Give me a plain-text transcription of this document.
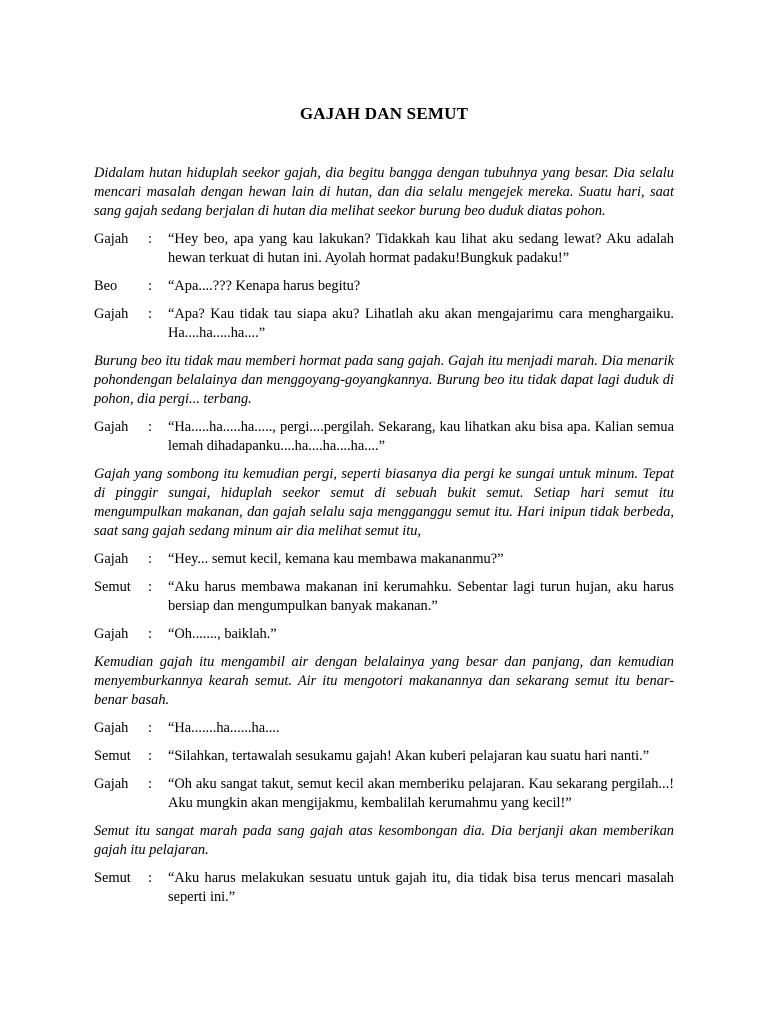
GAJAH DAN SEMUT

Didalam hutan hiduplah seekor gajah, dia begitu bangga dengan tubuhnya yang besar. Dia selalu mencari masalah dengan hewan lain di hutan, dan dia selalu mengejek mereka. Suatu hari, saat sang gajah sedang berjalan di hutan dia melihat seekor burung beo duduk diatas pohon.

Gajah	:	“Hey beo, apa yang kau lakukan? Tidakkah kau lihat aku sedang lewat? Aku adalah hewan terkuat di hutan ini. Ayolah hormat padaku!Bungkuk padaku!”
Beo	:	“Apa....??? Kenapa harus begitu?
Gajah	:	“Apa? Kau tidak tau siapa aku? Lihatlah aku akan mengajarimu cara menghargaiku. Ha....ha.....ha....”

Burung beo itu tidak mau memberi hormat pada sang gajah. Gajah itu menjadi marah. Dia menarik pohondengan belalainya dan menggoyang-goyangkannya. Burung beo itu tidak dapat lagi duduk di pohon, dia pergi... terbang.

Gajah	:	“Ha.....ha.....ha....., pergi....pergilah. Sekarang, kau lihatkan aku bisa apa. Kalian semua lemah dihadapanku....ha....ha....ha....”

Gajah yang sombong itu kemudian pergi, seperti biasanya dia pergi ke sungai untuk minum. Tepat di pinggir sungai, hiduplah seekor semut di sebuah bukit semut. Setiap hari semut itu mengumpulkan makanan, dan gajah selalu saja mengganggu semut itu. Hari inipun tidak berbeda, saat sang gajah sedang minum air dia melihat semut itu,

Gajah	:	“Hey... semut kecil, kemana kau membawa makananmu?”
Semut	:	“Aku harus membawa makanan ini kerumahku. Sebentar lagi turun hujan, aku harus bersiap dan mengumpulkan banyak makanan.”
Gajah	:	“Oh......., baiklah.”

Kemudian gajah itu mengambil air dengan belalainya yang besar dan panjang, dan kemudian menyemburkannya kearah semut. Air itu mengotori makanannya dan sekarang semut itu benar-benar basah.

Gajah	:	“Ha.......ha......ha....
Semut	:	“Silahkan, tertawalah sesukamu gajah! Akan kuberi pelajaran kau suatu hari nanti.”
Gajah	:	“Oh aku sangat takut, semut kecil akan memberiku pelajaran. Kau sekarang pergilah...! Aku mungkin akan mengijakmu, kembalilah kerumahmu yang kecil!”

Semut itu sangat marah pada sang gajah atas kesombongan dia. Dia berjanji akan memberikan gajah itu pelajaran.

Semut	:	“Aku harus melakukan sesuatu untuk gajah itu, dia tidak bisa terus mencari masalah seperti ini.”
